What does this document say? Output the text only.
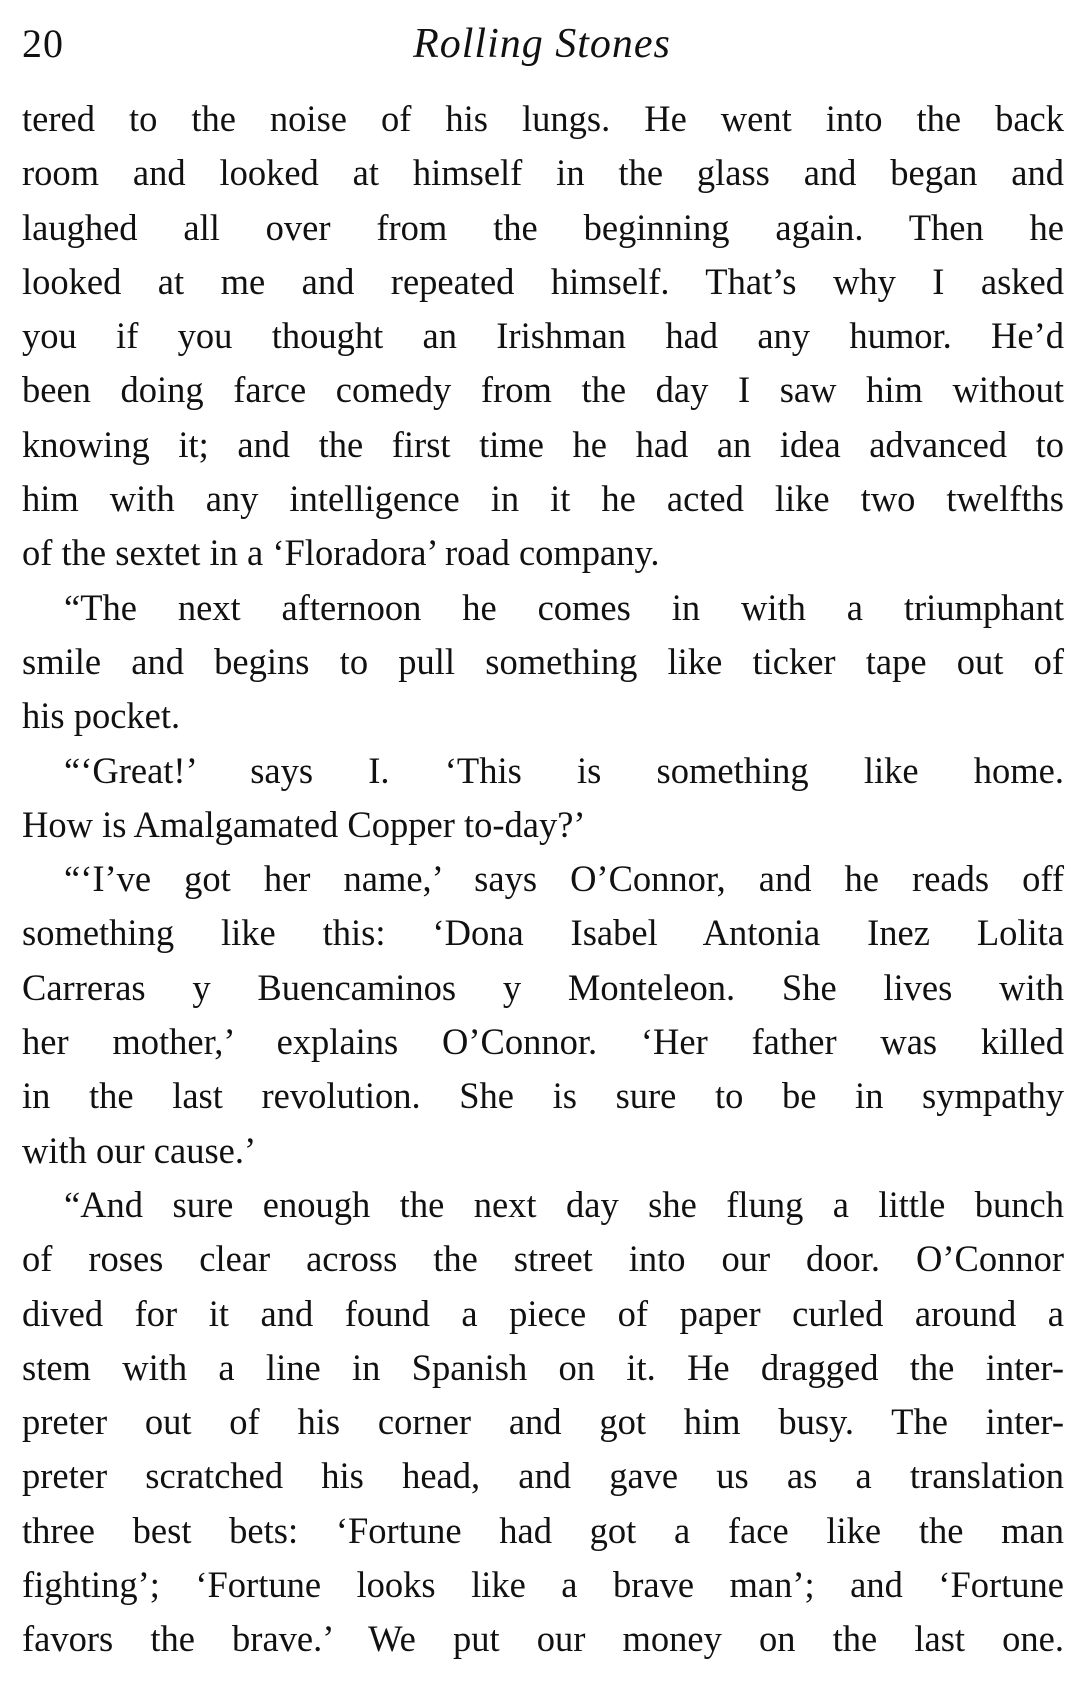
20	Rolling Stones
tered to the noise of his lungs. He went into the back
room and looked at himself in the glass and began and
laughed all over from the beginning again. Then he
looked at me and repeated himself. That’s why I asked
you if you thought an Irishman had any humor. He’d
been doing farce comedy from the day I saw him without
knowing it; and the first time he had an idea advanced to
him with any intelligence in it he acted like two twelfths
of the sextet in a ‘Floradora’ road company.
“The next afternoon he comes in with a triumphant
smile and begins to pull something like ticker tape out of
his pocket.
“‘Great!’ says I. ‘This is something like home.
How is Amalgamated Copper to-day?’
“‘I’ve got her name,’ says O’Connor, and he reads off
something like this: ‘Dona Isabel Antonia Inez Lolita
Carreras y Buencaminos y Monteleon. She lives with
her mother,’ explains O’Connor. ‘Her father was killed
in the last revolution. She is sure to be in sympathy
with our cause.’
“And sure enough the next day she flung a little bunch
of roses clear across the street into our door. O’Connor
dived for it and found a piece of paper curled around a
stem with a line in Spanish on it. He dragged the inter-
preter out of his corner and got him busy. The inter-
preter scratched his head, and gave us as a translation
three best bets: ‘Fortune had got a face like the man
fighting’; ‘Fortune looks like a brave man’; and ‘Fortune
favors the brave.’ We put our money on the last one.
